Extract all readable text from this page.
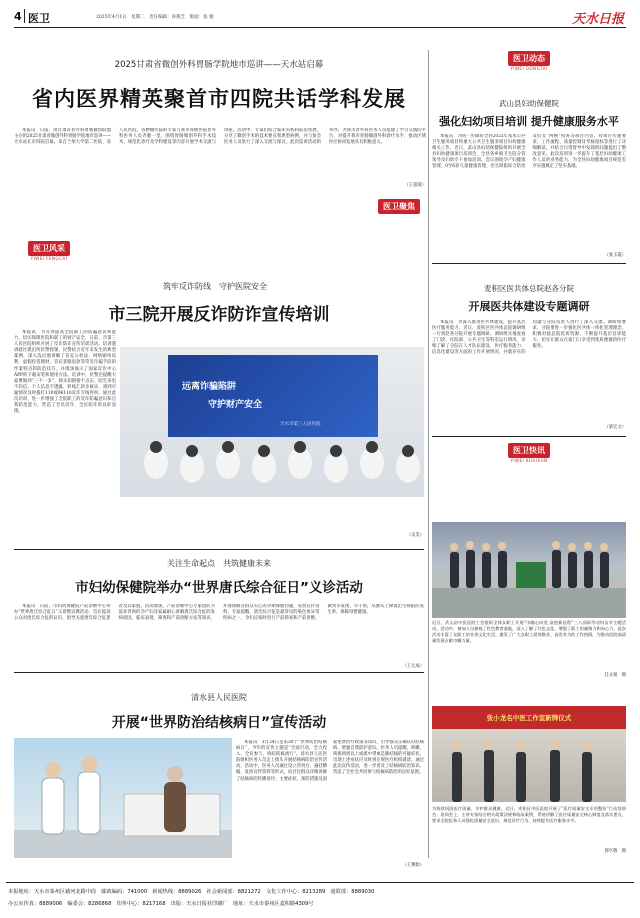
4 医卫	2025年4月1日　星期二　责任编辑：孙燕芝　版面：张 媛	天水日报
2025甘肃省微创外科胃肠学院地市巡讲——天水站启幕
省内医界精英聚首市四院共话学科发展

本报讯　日前，由甘肃省普外科胃肠微创联盟主办的2025甘肃省微创外科胃肠学院地市巡讲——天水站在市四院启幕。来自兰州大学第二医院、省人民医院、省肿瘤医院的专家与我市各级医院普外科医务人员齐聚一堂，围绕胃肠微创外科手术技术、规范化诊疗及学科建设等内容开展学术交流与讲座。活动中，专家们结合临床实践和前沿进展，分享了微创手术的技术要点和典型病例，并与参会医务人员进行了深入交流与探讨。此次巡讲活动的举办，为我市普外科医务人员搭建了学习交流的平台，对提升我市胃肠微创外科诊疗水平、推动区域医疗协同发展具有积极意义。

（王超迪）
医卫聚焦
医卫动态
YIWEI DONGTAI
武山县妇幼保健院
强化妇幼项目培训 提升健康服务水平

本报讯　为进一步做好全县2025年基本公共卫生服务项目和重大公共卫生服务项目妇幼健康相关工作，近日，武山县妇幼保健院组织开展全县妇幼健康项目培训会，全县各乡镇卫生院分管领导及妇幼专干参加培训。会议围绕孕产妇健康管理、0至6岁儿童健康管理、出生缺陷综合防治及妇女“两癌”检查等项目内容，对项目实施要求、工作流程、质量控制及考核指标等进行了详细解读，并结合日常督导中发现的问题提出了整改意见。此次培训进一步提升了基层妇幼健康工作人员的业务能力，为全县妇幼健康项目规范有序实施奠定了坚实基础。

（张玉霞）
麦积区医共体总院赵各分院
开展医共体建设专题调研

本报讯　为深入推进医共体建设，提升基层医疗服务能力，近日，麦积区医共体总院调研组一行到赵各分院开展专题调研。调研组实地查看了门诊、住院部、公共卫生等科室运行情况，详细了解了分院在人才队伍建设、医疗服务能力、信息化建设等方面的工作开展情况，并就存在的问题与分院负责人进行了深入交流。调研组要求，分院要进一步强化医共体一体化管理理念，积极对接总院优质资源，不断提升基层首诊能力，切实让群众在家门口享受到优质便捷的医疗服务。

（梁宏文）
医卫快讯
YIWEI KUAIXUN
近日，武山县中医医院工会组织全体女职工开展“巾帼心向党 奋进新征程”三八国际劳动妇女节主题活动。活动中，参加人员参观了红色教育基地，深入了解了红色文化，增强了职工的凝聚力和向心力。此次活动丰富了女职工的业余文化生活，激发了广大女职工爱岗敬业、奋发有为的工作热情，为推动医院高质量发展贡献巾帼力量。
任文娟　摄
张小龙名中医工作室新牌仪式
为持续巩固医疗质量，守护群众健康，近日，麦积区中医医院开展了“医疗质量安全专项整治”行动培训会。培训会上，主讲专家结合相关政策法规和临床案例，系统讲解了医疗质量安全核心制度及落实要点，要求全院医务人员强化质量安全意识，规范诊疗行为，持续提升医疗服务水平。
郭亨敬　摄
医卫风采
YIWEI FENGCAI
筑牢反诈防线　守护医院安全
市三院开展反诈防诈宣传培训

本报讯　为有效提高全院职工的防骗意识和能力，切实保障医院和职工的财产安全，日前，市第三人民医院组织开展了反诈防诈宣传培训活动。培训邀请辖区派出所民警授课，民警结合近年来发生的典型案例，深入浅出地讲解了冒充公检法、网络刷单返利、虚假投资理财、冒充客服退款等常见诈骗手段的作案特点和防范技巧，并现场演示了国家反诈中心APP的下载安装和使用方法。培训中，民警还提醒大家要做到“三不一多”，即未知链接不点击、陌生来电不轻信、个人信息不透露、转账汇款多核实，遇到可疑情况及时拨打110或96110反诈专线咨询。通过此次培训，进一步增强了全院职工的反诈防骗意识和自我防范能力，营造了全员反诈、全民防诈的良好氛围。

远离诈骗陷阱
守护财产安全
天水市第三人民医院
（吴昊）
关注生命起点　共筑健康未来
市妇幼保健院举办“世界唐氏综合征日”义诊活动

本报讯　日前，市妇幼保健院产前诊断中心举办“世界唐氏综合征日”义诊暨宣教活动，旨在提高公众对唐氏综合征的认识，倡导关爱唐氏综合征患者及其家庭。活动现场，产前诊断中心专家团队为前来咨询的孕产妇及家属耐心讲解唐氏综合征的发病原因、临床表现、筛查和产前诊断方法等知识，并现场解答群众关心的孕期保健问题，发放宣传资料。专家提醒，唐氏综合征是最常见的染色体异常疾病之一，孕妇应按时进行产前筛查和产前诊断，做到早发现、早干预，从源头上降低出生缺陷的发生率，保障母婴健康。

（王元成）
清水县人民医院
开展“世界防治结核病日”宣传活动

本报讯　3月24日是第30个“世界防治结核病日”，今年的宣传主题是“全面行动，全力投入，全民参与，终结结核流行”。清水县人民医院组织医务人员走上街头开展结核病防治宣传活动。活动中，医务人员通过设立咨询台、悬挂横幅、发放宣传资料等形式，向过往群众详细讲解了结核病的传播途径、主要症状、预防措施及国家免费治疗政策等知识，引导群众正确认识结核病，增强自我防护意识。医务人员提醒，咳嗽、咳痰两周以上或痰中带血是肺结核的可疑症状，出现上述症状应及时到正规医疗机构就诊。通过此次宣传活动，进一步普及了结核病防治知识，营造了全社会共同参与结核病防治的良好氛围。

（王翔娟）
本报地址：天水市秦州区藉河北路中段　邮政编码：741000　新闻热线：8889026　社会新闻部：8821272　文化工作中心：8213289　通联部：8889030
办公室传真：8889006　编委会：8286868　印务中心：8217168　出版：天水日报社印刷厂　地址：天水市秦州区麦积路4309号
